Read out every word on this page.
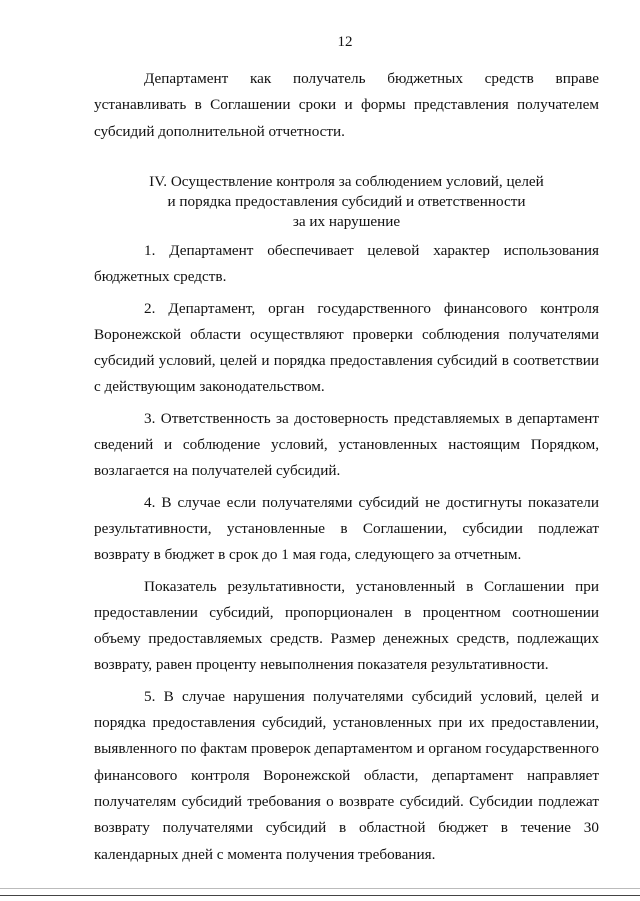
12

Департамент как получатель бюджетных средств вправе устанавливать в Соглашении сроки и формы представления получателем субсидий дополнительной отчетности.

IV. Осуществление контроля за соблюдением условий, целей
и порядка предоставления субсидий и ответственности
за их нарушение

1. Департамент обеспечивает целевой характер использования бюджетных средств.

2. Департамент, орган государственного финансового контроля Воронежской области осуществляют проверки соблюдения получателями субсидий условий, целей и порядка предоставления субсидий в соответствии с действующим законодательством.

3. Ответственность за достоверность представляемых в департамент сведений и соблюдение условий, установленных настоящим Порядком, возлагается на получателей субсидий.

4. В случае если получателями субсидий не достигнуты показатели результативности, установленные в Соглашении, субсидии подлежат возврату в бюджет в срок до 1 мая года, следующего за отчетным.

Показатель результативности, установленный в Соглашении при предоставлении субсидий, пропорционален в процентном соотношении объему предоставляемых средств. Размер денежных средств, подлежащих возврату, равен проценту невыполнения показателя результативности.

5. В случае нарушения получателями субсидий условий, целей и порядка предоставления субсидий, установленных при их предоставлении, выявленного по фактам проверок департаментом и органом государственного финансового контроля Воронежской области, департамент направляет получателям субсидий требования о возврате субсидий. Субсидии подлежат возврату получателями субсидий в областной бюджет в течение 30 календарных дней с момента получения требования.
